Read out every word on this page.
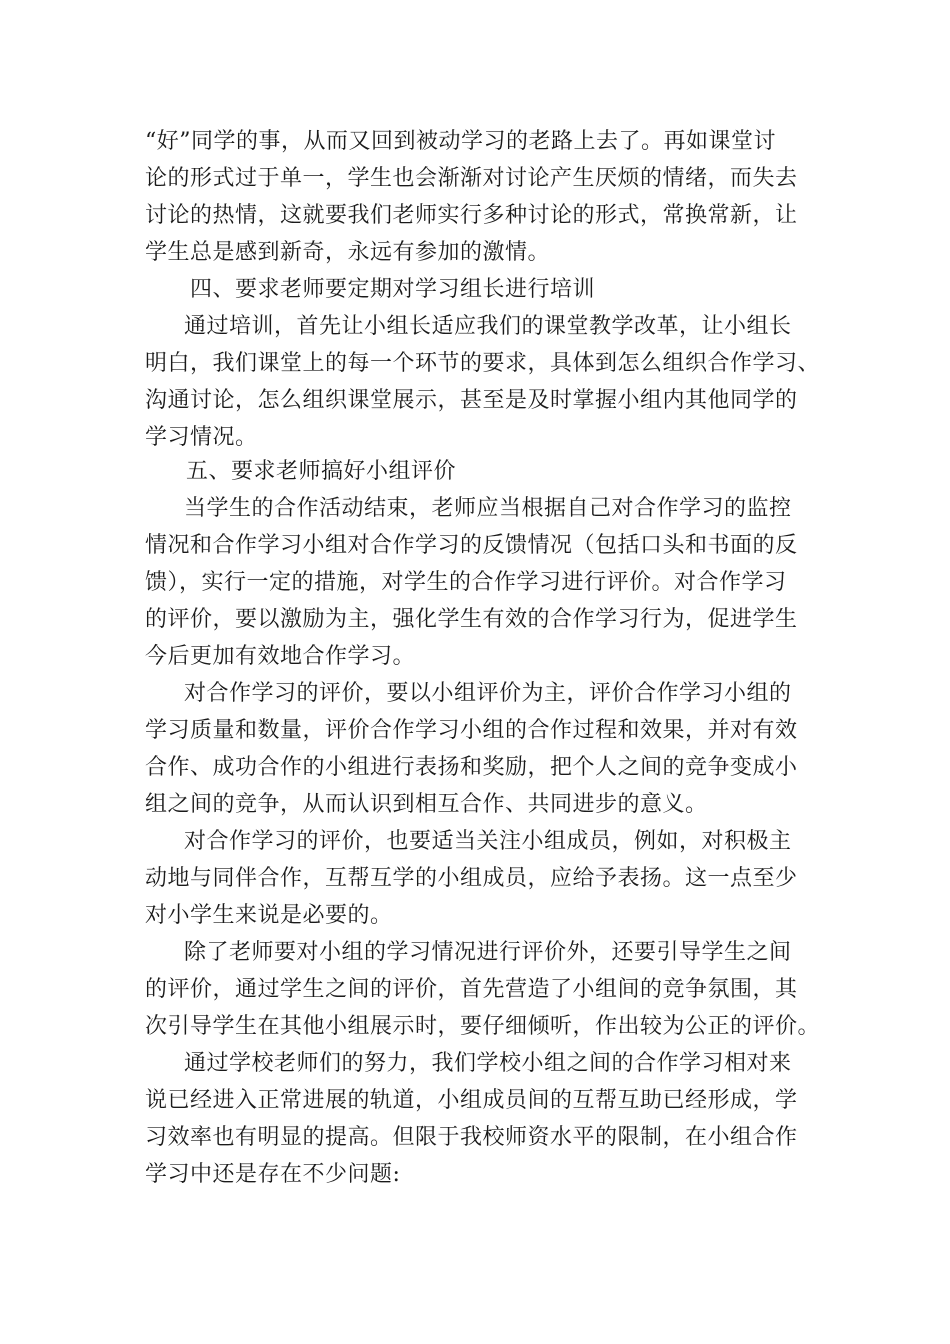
“好”同学的事，从而又回到被动学习的老路上去了。再如课堂讨
论的形式过于单一，学生也会渐渐对讨论产生厌烦的情绪，而失去
讨论的热情，这就要我们老师实行多种讨论的形式，常换常新，让
学生总是感到新奇，永远有参加的激情。
四、要求老师要定期对学习组长进行培训
通过培训，首先让小组长适应我们的课堂教学改革，让小组长
明白，我们课堂上的每一个环节的要求，具体到怎么组织合作学习、
沟通讨论，怎么组织课堂展示，甚至是及时掌握小组内其他同学的
学习情况。
五、要求老师搞好小组评价
当学生的合作活动结束，老师应当根据自己对合作学习的监控
情况和合作学习小组对合作学习的反馈情况（包括口头和书面的反
馈），实行一定的措施，对学生的合作学习进行评价。对合作学习
的评价，要以激励为主，强化学生有效的合作学习行为，促进学生
今后更加有效地合作学习。
对合作学习的评价，要以小组评价为主，评价合作学习小组的
学习质量和数量，评价合作学习小组的合作过程和效果，并对有效
合作、成功合作的小组进行表扬和奖励，把个人之间的竞争变成小
组之间的竞争，从而认识到相互合作、共同进步的意义。
对合作学习的评价，也要适当关注小组成员，例如，对积极主
动地与同伴合作，互帮互学的小组成员，应给予表扬。这一点至少
对小学生来说是必要的。
除了老师要对小组的学习情况进行评价外，还要引导学生之间
的评价，通过学生之间的评价，首先营造了小组间的竞争氛围，其
次引导学生在其他小组展示时，要仔细倾听，作出较为公正的评价。
通过学校老师们的努力，我们学校小组之间的合作学习相对来
说已经进入正常进展的轨道，小组成员间的互帮互助已经形成，学
习效率也有明显的提高。但限于我校师资水平的限制，在小组合作
学习中还是存在不少问题:
